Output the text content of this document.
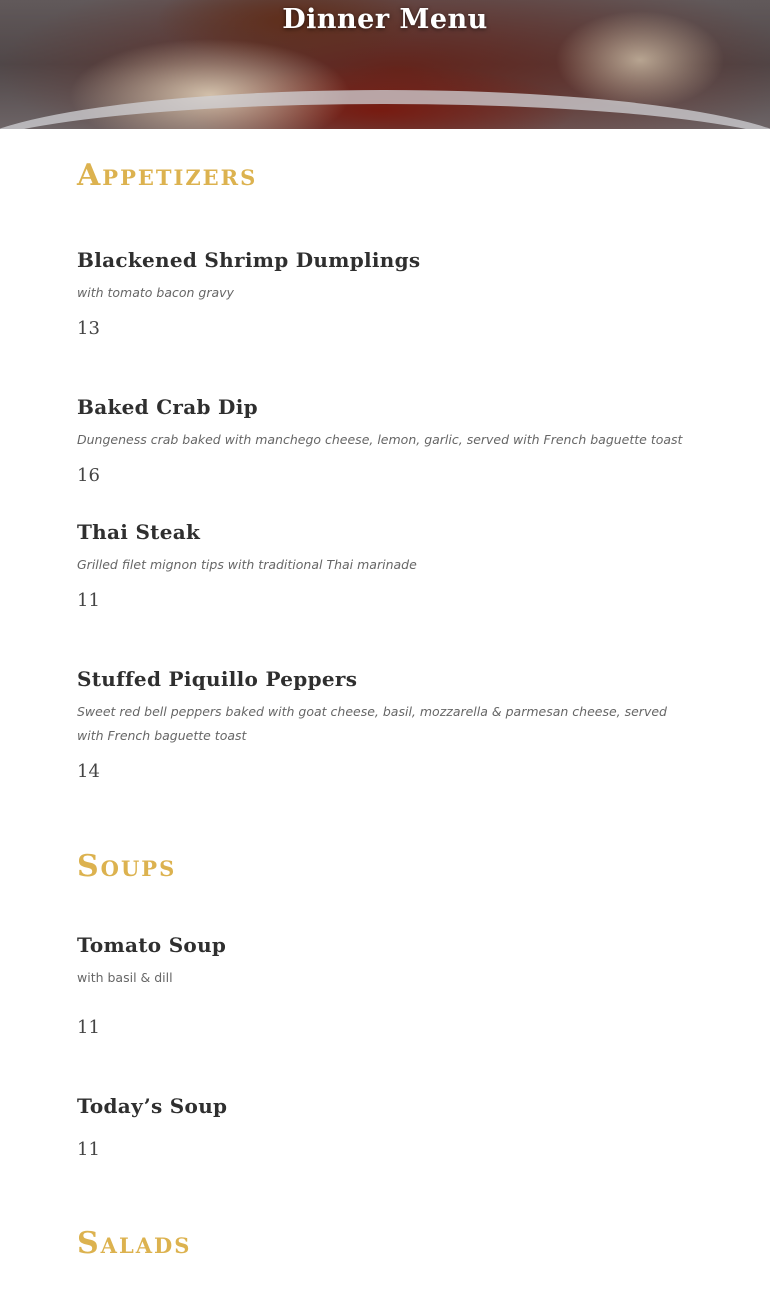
Dinner Menu
Appetizers
Blackened Shrimp Dumplings

with tomato bacon gravy

13

Baked Crab Dip

Dungeness crab baked with manchego cheese, lemon, garlic, served with French baguette toast

16

Thai Steak

Grilled filet mignon tips with traditional Thai marinade

11

Stuffed Piquillo Peppers

Sweet red bell peppers baked with goat cheese, basil, mozzarella & parmesan cheese, served with French baguette toast

14

Soups
Tomato Soup

with basil & dill

11

Today’s Soup

11

Salads
